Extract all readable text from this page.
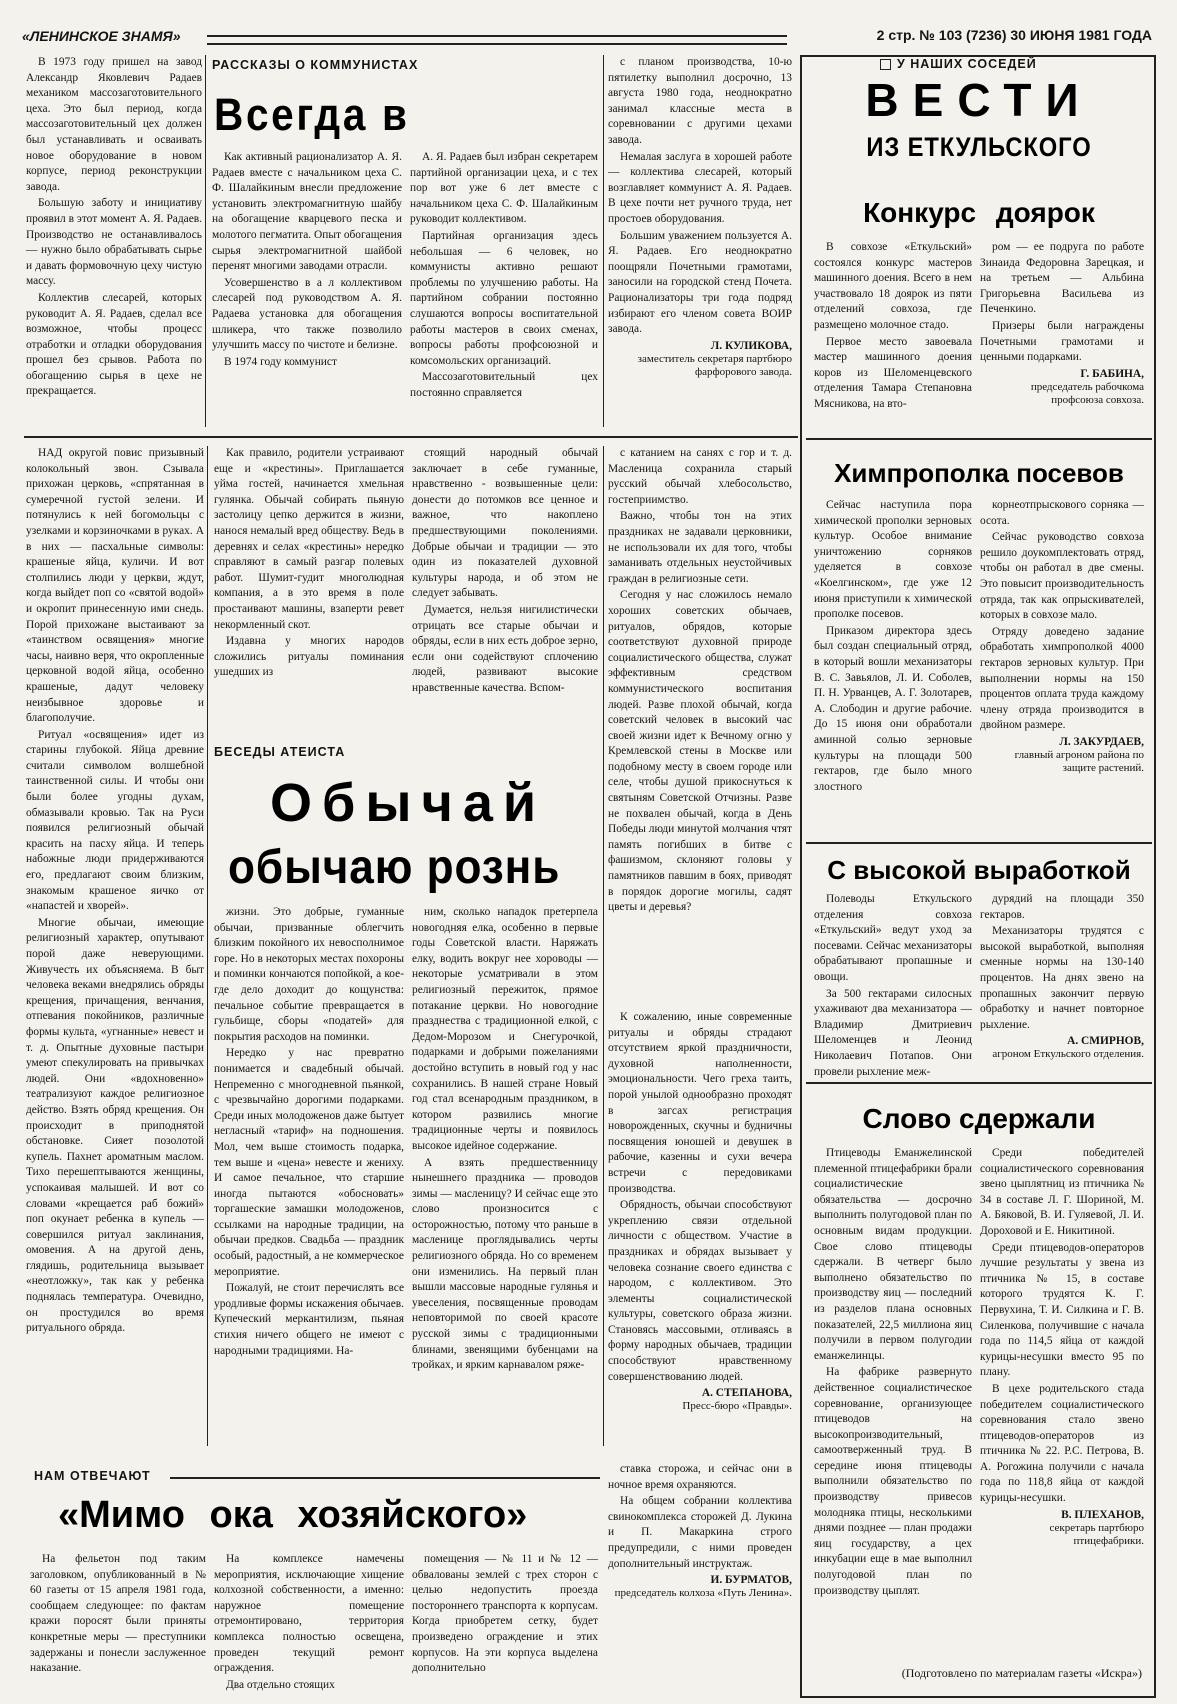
«ЛЕНИНСКОЕ ЗНАМЯ»	2 стр. № 103 (7236) 30 ИЮНЯ 1981 ГОДА

В 1973 году пришел на завод Александр Яковлевич Радаев механиком массозаготовительного цеха. Это был период, когда массозаготовительный цех должен был устанавливать и осваивать новое оборудование в новом корпусе, период реконструкции завода.

Большую заботу и инициативу проявил в этот момент А. Я. Радаев. Производство не останавливалось — нужно было обрабатывать сырье и давать формовочную цеху чистую массу.

Коллектив слесарей, которых руководит А. Я. Радаев, сделал все возможное, чтобы процесс отработки и отладки оборудования прошел без срывов. Работа по обогащению сырья в цехе не прекращается.

РАССКАЗЫ О КОММУНИСТАХ
Всегда в

Как активный рационализатор А. Я. Радаев вместе с начальником цеха С. Ф. Шалайкиным внесли предложение установить электромагнитную шайбу на обогащение кварцевого песка и молотого пегматита. Опыт обогащения сырья электромагнитной шайбой перенят многими заводами отрасли.

Усовершенство в а л коллективом слесарей под руководством А. Я. Радаева установка для обогащения шликера, что также позволило улучшить массу по чистоте и белизне.

В 1974 году коммунист

А. Я. Радаев был избран секретарем партийной организации цеха, и с тех пор вот уже 6 лет вместе с начальником цеха С. Ф. Шалайкиным руководит коллективом.

Партийная организация здесь небольшая — 6 человек, но коммунисты активно решают проблемы по улучшению работы. На партийном собрании постоянно слушаются вопросы воспитательной работы мастеров в своих сменах, вопросы работы профсоюзной и комсомольских организаций.

Массозаготовительный цех постоянно справляется

с планом производства, 10-ю пятилетку выполнил досрочно, 13 августа 1980 года, неоднократно занимал классные места в соревновании с другими цехами завода.

Немалая заслуга в хорошей работе — коллектива слесарей, который возглавляет коммунист А. Я. Радаев. В цехе почти нет ручного труда, нет простоев оборудования.

Большим уважением пользуется А. Я. Радаев. Его неоднократно поощряли Почетными грамотами, заносили на городской стенд Почета. Рационализаторы три года подряд избирают его членом совета ВОИР завода.

Л. КУЛИКОВА,
заместитель секретаря партбюро фарфорового завода.

НАД округой повис призывный колокольный звон. Сзывала прихожан церковь, «спрятанная в сумеречной густой зелени. И потянулись к ней богомольцы с узелками и корзиночками в руках. А в них — пасхальные символы: крашеные яйца, куличи. И вот столпились люди у церкви, ждут, когда выйдет поп со «святой водой» и окропит принесенную ими снедь. Порой прихожане выстаивают за «таинством освящения» многие часы, наивно веря, что окропленные церковной водой яйца, особенно крашеные, дадут человеку неизбывное здоровье и благополучие.

Ритуал «освящения» идет из старины глубокой. Яйца древние считали символом волшебной таинственной силы. И чтобы они были более угодны духам, обмазывали кровью. Так на Руси появился религиозный обычай красить на пасху яйца. И теперь набожные люди придерживаются его, предлагают своим близким, знакомым крашеное яичко от «напастей и хворей».

Многие обычаи, имеющие религиозный характер, опутывают порой даже неверующими. Живучесть их объясняема. В быт человека веками внедрялись обряды крещения, причащения, венчания, отпевания покойников, различные формы культа, «угнанные» невест и т. д. Опытные духовные пастыри умеют спекулировать на привычках людей. Они «вдохновенно» театрализуют каждое религиозное действо. Взять обряд крещения. Он происходит в приподнятой обстановке. Сияет позолотой купель. Пахнет ароматным маслом. Тихо перешептываются женщины, успокаивая малышей. И вот со словами «крещается раб божий» поп окунает ребенка в купель — совершился ритуал заклинания, омовения. А на другой день, глядишь, родительница вызывает «неотложку», так как у ребенка поднялась температура. Очевидно, он простудился во время ритуального обряда.

Как правило, родители устраивают еще и «крестины». Приглашается уйма гостей, начинается хмельная гулянка. Обычай собирать пьяную застолицу цепко держится в жизни, нанося немалый вред обществу. Ведь в деревнях и селах «крестины» нередко справляют в самый разгар полевых работ. Шумит-гудит многолюдная компания, а в это время в поле простаивают машины, взаперти ревет некормленный скот.

Издавна у многих народов сложились ритуалы поминания ушедших из

стоящий народный обычай заключает в себе гуманные, нравственно - возвышенные цели: донести до потомков все ценное и важное, что накоплено предшествующими поколениями. Добрые обычаи и традиции — это один из показателей духовной культуры народа, и об этом не следует забывать.

Думается, нельзя нигилистически отрицать все старые обычаи и обряды, если в них есть доброе зерно, если они содействуют сплочению людей, развивают высокие нравственные качества. Вспом-

БЕСЕДЫ АТЕИСТА
Обычай
обычаю рознь

с катанием на санях с гор и т. д. Масленица сохранила старый русский обычай хлебосольство, гостеприимство.

Важно, чтобы тон на этих праздниках не задавали церковники, не использовали их для того, чтобы заманивать отдельных неустойчивых граждан в религиозные сети.

Сегодня у нас сложилось немало хороших советских обычаев, ритуалов, обрядов, которые соответствуют духовной природе социалистического общества, служат эффективным средством коммунистического воспитания людей. Разве плохой обычай, когда советский человек в высокий час своей жизни идет к Вечному огню у Кремлевской стены в Москве или подобному месту в своем городе или селе, чтобы душой прикоснуться к святыням Советской Отчизны. Разве не похвален обычай, когда в День Победы люди минутой молчания чтят память погибших в битве с фашизмом, склоняют головы у памятников павшим в боях, приводят в порядок дорогие могилы, садят цветы и деревья?

жизни. Это добрые, гуманные обычаи, призванные облегчить близким покойного их невосполнимое горе. Но в некоторых местах похороны и поминки кончаются попойкой, а кое-где дело доходит до кощунства: печальное событие превращается в гульбище, сборы «податей» для покрытия расходов на поминки.

Нередко у нас превратно понимается и свадебный обычай. Непременно с многодневной пьянкой, с чрезвычайно дорогими подарками. Среди иных молодоженов даже бытует негласный «тариф» на подношения. Мол, чем выше стоимость подарка, тем выше и «цена» невесте и жениху. И самое печальное, что старшие иногда пытаются «обосновать» торгашеские замашки молодоженов, ссылками на народные традиции, на обычаи предков. Свадьба — праздник особый, радостный, а не коммерческое мероприятие.

Пожалуй, не стоит перечислять все уродливые формы искажения обычаев. Купеческий меркантилизм, пьяная стихия ничего общего не имеют с народными традициями. На-

ним, сколько нападок претерпела новогодняя елка, особенно в первые годы Советской власти. Наряжать елку, водить вокруг нее хороводы — некоторые усматривали в этом религиозный пережиток, прямое потакание церкви. Но новогодние празднества с традиционной елкой, с Дедом-Морозом и Снегурочкой, подарками и добрыми пожеланиями достойно вступить в новый год у нас сохранились. В нашей стране Новый год стал всенародным праздником, в котором развились многие традиционные черты и появилось высокое идейное содержание.

А взять предшественницу нынешнего праздника — проводов зимы — масленицу? И сейчас еще это слово произносится с осторожностью, потому что раньше в масленице проглядывались черты религиозного обряда. Но со временем они изменились. На первый план вышли массовые народные гулянья и увеселения, посвященные проводам неповторимой по своей красоте русской зимы с традиционными блинами, звенящими бубенцами на тройках, и ярким карнавалом ряже-

К сожалению, иные современные ритуалы и обряды страдают отсутствием яркой праздничности, духовной наполненности, эмоциональности. Чего греха таить, порой унылой однообразно проходят в загсах регистрация новорожденных, скучны и будничны посвящения юношей и девушек в рабочие, казенны и сухи вечера встречи с передовиками производства.

Обрядность, обычаи способствуют укреплению связи отдельной личности с обществом. Участие в праздниках и обрядах вызывает у человека сознание своего единства с народом, с коллективом. Это элементы социалистической культуры, советского образа жизни. Становясь массовыми, отливаясь в форму народных обычаев, традиции способствуют нравственному совершенствованию людей.

А. СТЕПАНОВА,
Пресс-бюро «Правды».
НАМ ОТВЕЧАЮТ
«Мимо ока хозяйского»

На фельетон под таким заголовком, опубликованный в № 60 газеты от 15 апреля 1981 года, сообщаем следующее: по фактам кражи поросят были приняты конкретные меры — преступники задержаны и понесли заслуженное наказание.

На комплексе намечены мероприятия, исключающие хищение колхозной собственности, а именно: наружное помещение отремонтировано, территория комплекса полностью освещена, проведен текущий ремонт ограждения.

Два отдельно стоящих

помещения — № 11 и № 12 — обвалованы землей с трех сторон с целью недопустить проезда постороннего транспорта к корпусам. Когда приобретем сетку, будет произведено ограждение и этих корпусов. На эти корпуса выделена дополнительно

ставка сторожа, и сейчас они в ночное время охраняются.

На общем собрании коллектива свинокомплекса сторожей Д. Лукина и П. Макаркина строго предупредили, с ними проведен дополнительный инструктаж.

И. БУРМАТОВ,
председатель колхоза «Путь Ленина».
У НАШИХ СОСЕДЕЙ
ВЕСТИ
ИЗ ЕТКУЛЬСКОГО
Конкурс доярок

В совхозе «Еткульский» состоялся конкурс мастеров машинного доения. Всего в нем участвовало 18 доярок из пяти отделений совхоза, где размещено молочное стадо.

Первое место завоевала мастер машинного доения коров из Шеломенцевского отделения Тамара Степановна Мясникова, на вто-

ром — ее подруга по работе Зинаида Федоровна Зарецкая, и на третьем — Альбина Григорьевна Васильева из Печенкино.

Призеры были награждены Почетными грамотами и ценными подарками.

Г. БАБИНА,
председатель рабочкома профсоюза совхоза.
Химпрополка посевов

Сейчас наступила пора химической прополки зерновых культур. Особое внимание уничтожению сорняков уделяется в совхозе «Коелгинском», где уже 12 июня приступили к химической прополке посевов.

Приказом директора здесь был создан специальный отряд, в который вошли механизаторы В. С. Завьялов, Л. И. Соболев, П. Н. Урванцев, А. Г. Золотарев, А. Слободин и другие рабочие. До 15 июня они обработали аминной солью зерновые культуры на площади 500 гектаров, где было много злостного

корнеотпрыскового сорняка — осота.

Сейчас руководство совхоза решило доукомплектовать отряд, чтобы он работал в две смены. Это повысит производительность отряда, так как опрыскивателей, которых в совхозе мало.

Отряду доведено задание обработать химпрополкой 4000 гектаров зерновых культур. При выполнении нормы на 150 процентов оплата труда каждому члену отряда производится в двойном размере.

Л. ЗАКУРДАЕВ,
главный агроном района по защите растений.
С высокой выработкой

Полеводы Еткульского отделения совхоза «Еткульский» ведут уход за посевами. Сейчас механизаторы обрабатывают пропашные и овощи.

За 500 гектарами силосных ухаживают два механизатора — Владимир Дмитриевич Шеломенцев и Леонид Николаевич Потапов. Они провели рыхление меж-

дурядий на площади 350 гектаров.

Механизаторы трудятся с высокой выработкой, выполняя сменные нормы на 130-140 процентов. На днях звено на пропашных закончит первую обработку и начнет повторное рыхление.

А. СМИРНОВ,
агроном Еткульского отделения.
Слово сдержали

Птицеводы Еманжелинской племенной птицефабрики брали социалистические обязательства — досрочно выполнить полугодовой план по основным видам продукции. Свое слово птицеводы сдержали. В четверг было выполнено обязательство по производству яиц — последний из разделов плана основных показателей, 22,5 миллиона яиц получили в первом полугодии еманжелинцы.

На фабрике развернуто действенное социалистическое соревнование, организующее птицеводов на высокопроизводительный, самоотверженный труд. В середине июня птицеводы выполнили обязательство по производству привесов молодняка птицы, несколькими днями позднее — план продажи яиц государству, а цех инкубации еще в мае выполнил полугодовой план по производству цыплят.

Среди победителей социалистического соревнования звено цыплятниц из птичника № 34 в составе Л. Г. Шориной, М. А. Бяковой, В. И. Гуляевой, Л. И. Дороховой и Е. Никитиной.

Среди птицеводов-операторов лучшие результаты у звена из птичника № 15, в составе которого трудятся К. Г. Первухина, Т. И. Силкина и Г. В. Силенкова, получившие с начала года по 114,5 яйца от каждой курицы-несушки вместо 95 по плану.

В цехе родительского стада победителем социалистического соревнования стало звено птицеводов-операторов из птичника № 22. Р.С. Петрова, В. А. Рогожина получили с начала года по 118,8 яйца от каждой курицы-несушки.

В. ПЛЕХАНОВ,
секретарь партбюро птицефабрики.
(Подготовлено по материалам газеты «Искра»)
